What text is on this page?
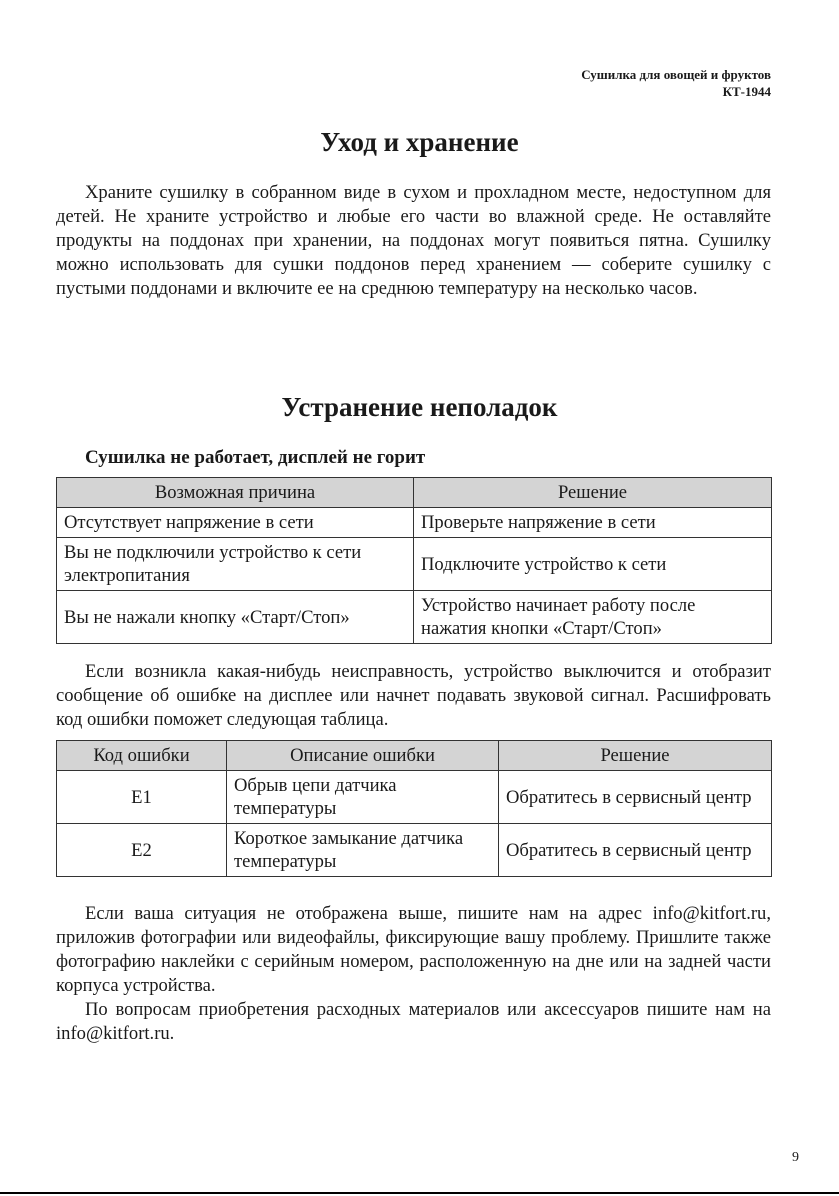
Сушилка для овощей и фруктов
КТ-1944
Уход и хранение

Храните сушилку в собранном виде в сухом и прохладном месте, недоступном для детей. Не храните устройство и любые его части во влажной среде. Не оставляйте продукты на поддонах при хранении, на поддонах могут появиться пятна. Сушилку можно использовать для сушки поддонов перед хранением — соберите сушилку с пустыми поддонами и включите ее на среднюю температуру на несколько часов.

Устранение неполадок

Сушилка не работает, дисплей не горит

Возможная причина	Решение
Отсутствует напряжение в сети	Проверьте напряжение в сети
Вы не подключили устройство к сети электропитания	Подключите устройство к сети
Вы не нажали кнопку «Старт/Стоп»	Устройство начинает работу после нажатия кнопки «Старт/Стоп»

Если возникла какая-нибудь неисправность, устройство выключится и отобразит сообщение об ошибке на дисплее или начнет подавать звуковой сигнал. Расшифровать код ошибки поможет следующая таблица.

Код ошибки	Описание ошибки	Решение
E1	Обрыв цепи датчика температуры	Обратитесь в сервисный центр
E2	Короткое замыкание датчика температуры	Обратитесь в сервисный центр

Если ваша ситуация не отображена выше, пишите нам на адрес info@kitfort.ru, приложив фотографии или видеофайлы, фиксирующие вашу проблему. Пришлите также фотографию наклейки с серийным номером, расположенную на дне или на задней части корпуса устройства.

По вопросам приобретения расходных материалов или аксессуаров пишите нам на info@kitfort.ru.

9
